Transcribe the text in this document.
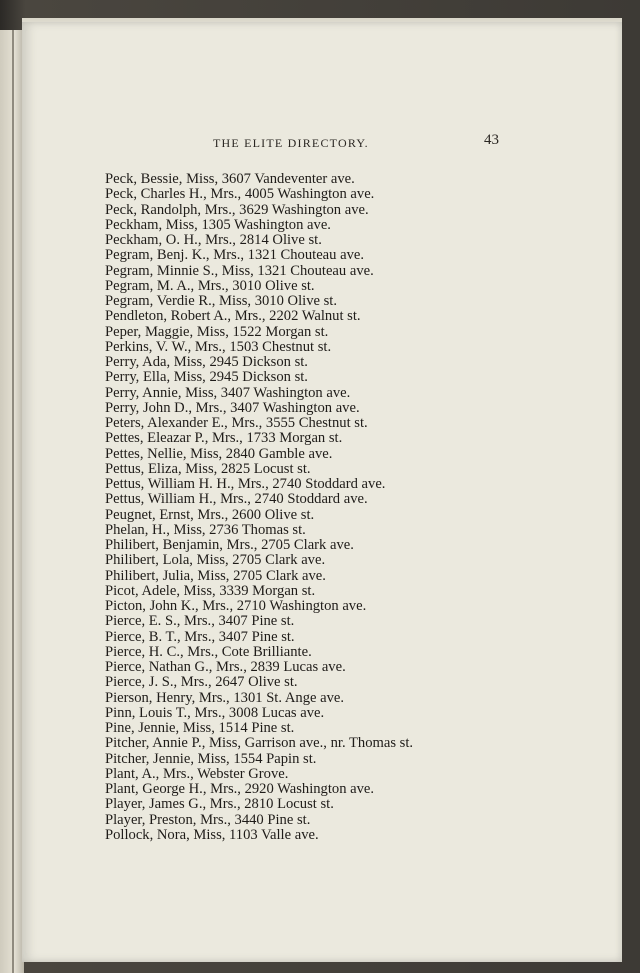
THE ELITE DIRECTORY.	43
Peck, Bessie, Miss, 3607 Vandeventer ave.
Peck, Charles H., Mrs., 4005 Washington ave.
Peck, Randolph, Mrs., 3629 Washington ave.
Peckham, Miss, 1305 Washington ave.
Peckham, O. H., Mrs., 2814 Olive st.
Pegram, Benj. K., Mrs., 1321 Chouteau ave.
Pegram, Minnie S., Miss, 1321 Chouteau ave.
Pegram, M. A., Mrs., 3010 Olive st.
Pegram, Verdie R., Miss, 3010 Olive st.
Pendleton, Robert A., Mrs., 2202 Walnut st.
Peper, Maggie, Miss, 1522 Morgan st.
Perkins, V. W., Mrs., 1503 Chestnut st.
Perry, Ada, Miss, 2945 Dickson st.
Perry, Ella, Miss, 2945 Dickson st.
Perry, Annie, Miss, 3407 Washington ave.
Perry, John D., Mrs., 3407 Washington ave.
Peters, Alexander E., Mrs., 3555 Chestnut st.
Pettes, Eleazar P., Mrs., 1733 Morgan st.
Pettes, Nellie, Miss, 2840 Gamble ave.
Pettus, Eliza, Miss, 2825 Locust st.
Pettus, William H. H., Mrs., 2740 Stoddard ave.
Pettus, William H., Mrs., 2740 Stoddard ave.
Peugnet, Ernst, Mrs., 2600 Olive st.
Phelan, H., Miss, 2736 Thomas st.
Philibert, Benjamin, Mrs., 2705 Clark ave.
Philibert, Lola, Miss, 2705 Clark ave.
Philibert, Julia, Miss, 2705 Clark ave.
Picot, Adele, Miss, 3339 Morgan st.
Picton, John K., Mrs., 2710 Washington ave.
Pierce, E. S., Mrs., 3407 Pine st.
Pierce, B. T., Mrs., 3407 Pine st.
Pierce, H. C., Mrs., Cote Brilliante.
Pierce, Nathan G., Mrs., 2839 Lucas ave.
Pierce, J. S., Mrs., 2647 Olive st.
Pierson, Henry, Mrs., 1301 St. Ange ave.
Pinn, Louis T., Mrs., 3008 Lucas ave.
Pine, Jennie, Miss, 1514 Pine st.
Pitcher, Annie P., Miss, Garrison ave., nr. Thomas st.
Pitcher, Jennie, Miss, 1554 Papin st.
Plant, A., Mrs., Webster Grove.
Plant, George H., Mrs., 2920 Washington ave.
Player, James G., Mrs., 2810 Locust st.
Player, Preston, Mrs., 3440 Pine st.
Pollock, Nora, Miss, 1103 Valle ave.
